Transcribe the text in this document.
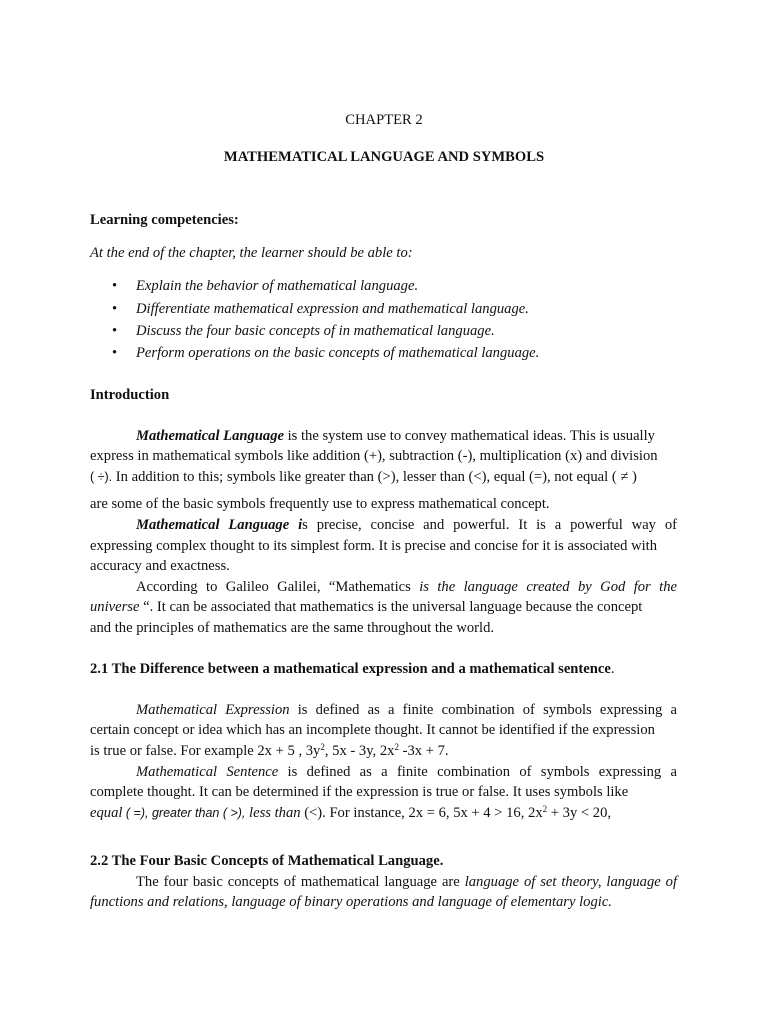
CHAPTER 2
MATHEMATICAL LANGUAGE AND SYMBOLS
Learning competencies:
At the end of the chapter, the learner should be able to:
• Explain the behavior of mathematical language.
• Differentiate mathematical expression and mathematical language.
• Discuss the four basic concepts of in mathematical language.
• Perform operations on the basic concepts of mathematical language.
Introduction
Mathematical Language is the system use to convey mathematical ideas. This is usually
express in mathematical symbols like addition (+), subtraction (-), multiplication (x) and division
( ÷). In addition to this; symbols like greater than (>), lesser than (<), equal (=), not equal ( ≠ )
are some of the basic symbols frequently use to express mathematical concept.
Mathematical Language is precise, concise and powerful. It is a powerful way of
expressing complex thought to its simplest form. It is precise and concise for it is associated with
accuracy and exactness.
According to Galileo Galilei, “Mathematics is the language created by God for the
universe “. It can be associated that mathematics is the universal language because the concept
and the principles of mathematics are the same throughout the world.
2.1 The Difference between a mathematical expression and a mathematical sentence.
Mathematical Expression is defined as a finite combination of symbols expressing a
certain concept or idea which has an incomplete thought. It cannot be identified if the expression
is true or false. For example 2x + 5 , $3y^2$, 5x - 3y, $2x^2$ -3x + 7.
Mathematical Sentence is defined as a finite combination of symbols expressing a
complete thought. It can be determined if the expression is true or false. It uses symbols like
equal ( =), greater than ( >), less than (<). For instance, 2x = 6, 5x + 4 > 16, $2x^2 + 3y < 20$,
2.2 The Four Basic Concepts of Mathematical Language.
The four basic concepts of mathematical language are language of set theory, language of
functions and relations, language of binary operations and language of elementary logic.
